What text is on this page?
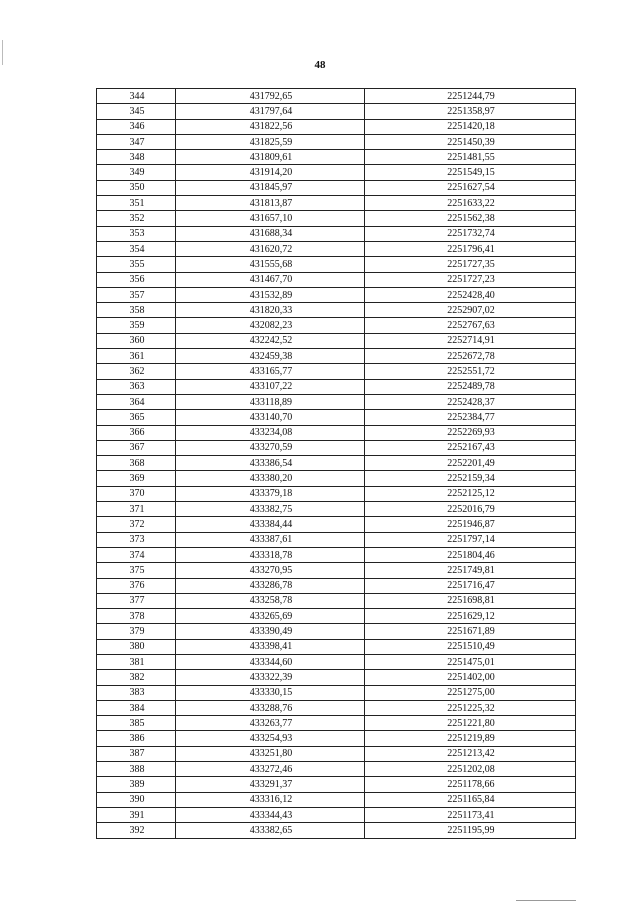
48
344	431792,65	2251244,79
345	431797,64	2251358,97
346	431822,56	2251420,18
347	431825,59	2251450,39
348	431809,61	2251481,55
349	431914,20	2251549,15
350	431845,97	2251627,54
351	431813,87	2251633,22
352	431657,10	2251562,38
353	431688,34	2251732,74
354	431620,72	2251796,41
355	431555,68	2251727,35
356	431467,70	2251727,23
357	431532,89	2252428,40
358	431820,33	2252907,02
359	432082,23	2252767,63
360	432242,52	2252714,91
361	432459,38	2252672,78
362	433165,77	2252551,72
363	433107,22	2252489,78
364	433118,89	2252428,37
365	433140,70	2252384,77
366	433234,08	2252269,93
367	433270,59	2252167,43
368	433386,54	2252201,49
369	433380,20	2252159,34
370	433379,18	2252125,12
371	433382,75	2252016,79
372	433384,44	2251946,87
373	433387,61	2251797,14
374	433318,78	2251804,46
375	433270,95	2251749,81
376	433286,78	2251716,47
377	433258,78	2251698,81
378	433265,69	2251629,12
379	433390,49	2251671,89
380	433398,41	2251510,49
381	433344,60	2251475,01
382	433322,39	2251402,00
383	433330,15	2251275,00
384	433288,76	2251225,32
385	433263,77	2251221,80
386	433254,93	2251219,89
387	433251,80	2251213,42
388	433272,46	2251202,08
389	433291,37	2251178,66
390	433316,12	2251165,84
391	433344,43	2251173,41
392	433382,65	2251195,99
